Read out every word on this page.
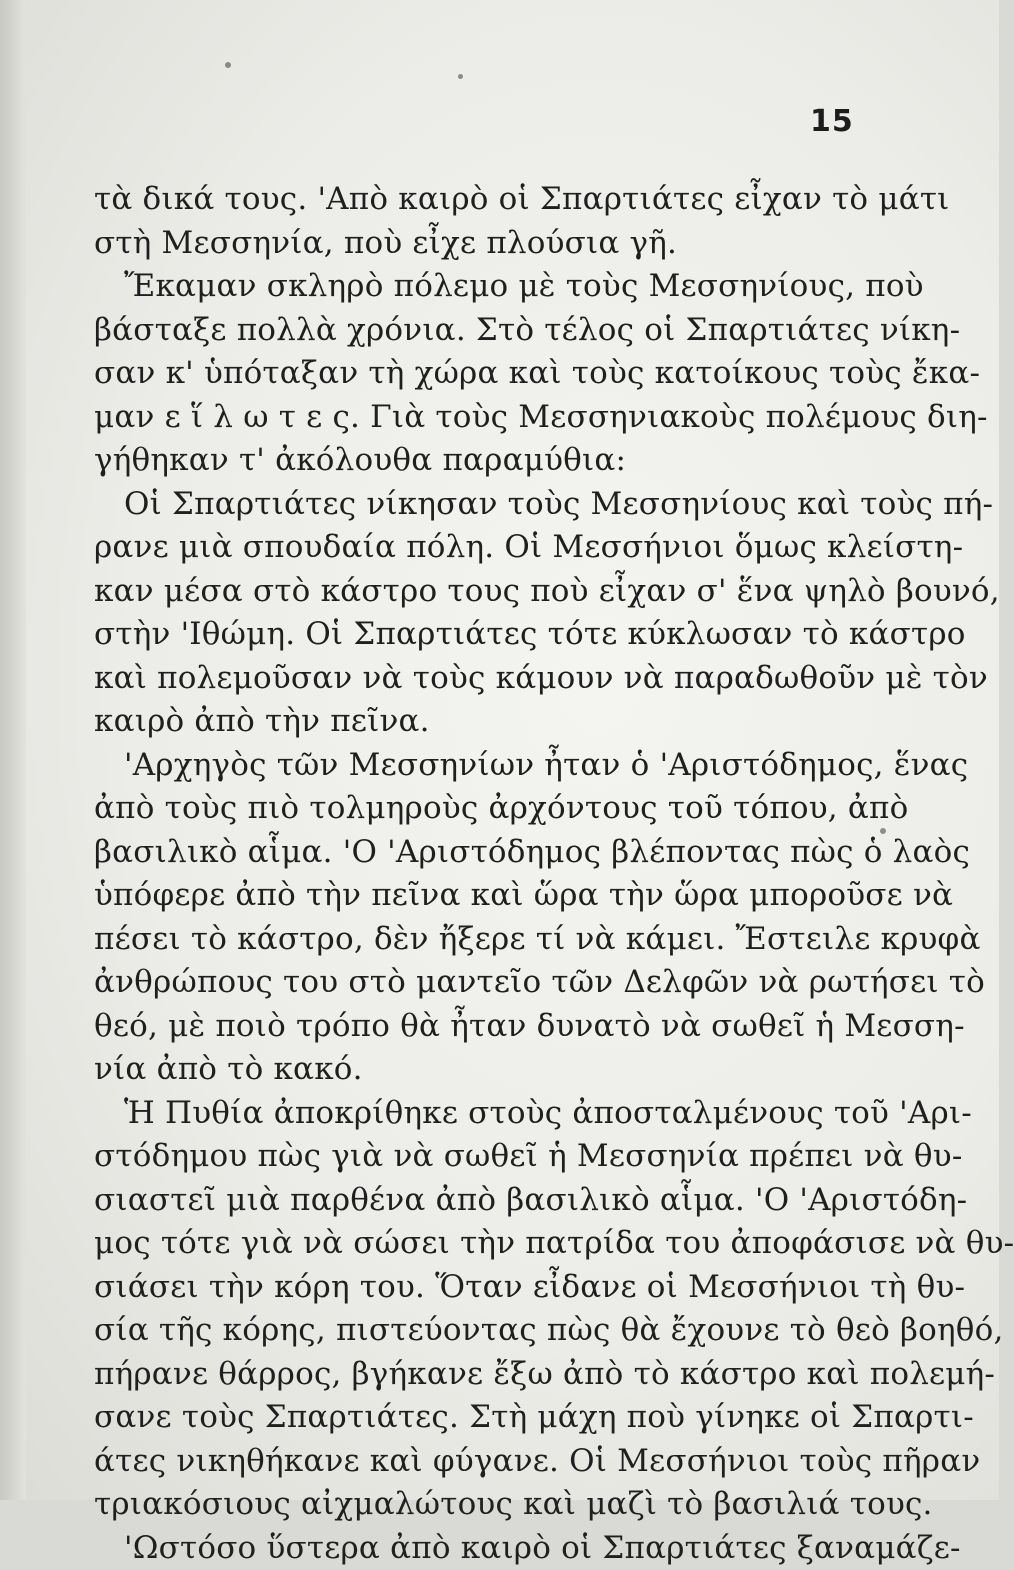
15
τὰ δικά τους. 'Απὸ καιρὸ οἱ Σπαρτιάτες εἶχαν τὸ μάτι
στὴ Μεσσηνία, ποὺ εἶχε πλούσια γῆ.
Ἔκαμαν σκληρὸ πόλεμο μὲ τοὺς Μεσσηνίους, ποὺ
βάσταξε πολλὰ χρόνια. Στὸ τέλος οἱ Σπαρτιάτες νίκη-
σαν κ' ὑπόταξαν τὴ χώρα καὶ τοὺς κατοίκους τοὺς ἔκα-
μαν ε ἵ λ ω τ ε ς. Γιὰ τοὺς Μεσσηνιακοὺς πολέμους διη-
γήθηκαν τ' ἀκόλουθα παραμύθια:
Οἱ Σπαρτιάτες νίκησαν τοὺς Μεσσηνίους καὶ τοὺς πή-
ρανε μιὰ σπουδαία πόλη. Οἱ Μεσσήνιοι ὅμως κλείστη-
καν μέσα στὸ κάστρο τους ποὺ εἶχαν σ' ἕνα ψηλὸ βουνό,
στὴν 'Ιθώμη. Οἱ Σπαρτιάτες τότε κύκλωσαν τὸ κάστρο
καὶ πολεμοῦσαν νὰ τοὺς κάμουν νὰ παραδωθοῦν μὲ τὸν
καιρὸ ἀπὸ τὴν πεῖνα.
'Αρχηγὸς τῶν Μεσσηνίων ἦταν ὁ 'Αριστόδημος, ἕνας
ἀπὸ τοὺς πιὸ τολμηροὺς ἀρχόντους τοῦ τόπου, ἀπὸ
βασιλικὸ αἷμα. 'Ο 'Αριστόδημος βλέποντας πὼς ὁ λαὸς
ὑπόφερε ἀπὸ τὴν πεῖνα καὶ ὥρα τὴν ὥρα μποροῦσε νὰ
πέσει τὸ κάστρο, δὲν ἤξερε τί νὰ κάμει. Ἔστειλε κρυφὰ
ἀνθρώπους του στὸ μαντεῖο τῶν Δελφῶν νὰ ρωτήσει τὸ
θεό, μὲ ποιὸ τρόπο θὰ ἦταν δυνατὸ νὰ σωθεῖ ἡ Μεσση-
νία ἀπὸ τὸ κακό.
Ἡ Πυθία ἀποκρίθηκε στοὺς ἀποσταλμένους τοῦ 'Αρι-
στόδημου πὼς γιὰ νὰ σωθεῖ ἡ Μεσσηνία πρέπει νὰ θυ-
σιαστεῖ μιὰ παρθένα ἀπὸ βασιλικὸ αἷμα. 'Ο 'Αριστόδη-
μος τότε γιὰ νὰ σώσει τὴν πατρίδα του ἀποφάσισε νὰ θυ-
σιάσει τὴν κόρη του. Ὅταν εἶδανε οἱ Μεσσήνιοι τὴ θυ-
σία τῆς κόρης, πιστεύοντας πὼς θὰ ἔχουνε τὸ θεὸ βοηθό,
πήρανε θάρρος, βγήκανε ἔξω ἀπὸ τὸ κάστρο καὶ πολεμή-
σανε τοὺς Σπαρτιάτες. Στὴ μάχη ποὺ γίνηκε οἱ Σπαρτι-
άτες νικηθήκανε καὶ φύγανε. Οἱ Μεσσήνιοι τοὺς πῆραν
τριακόσιους αἰχμαλώτους καὶ μαζὶ τὸ βασιλιά τους.
'Ωστόσο ὕστερα ἀπὸ καιρὸ οἱ Σπαρτιάτες ξαναμάζε-
